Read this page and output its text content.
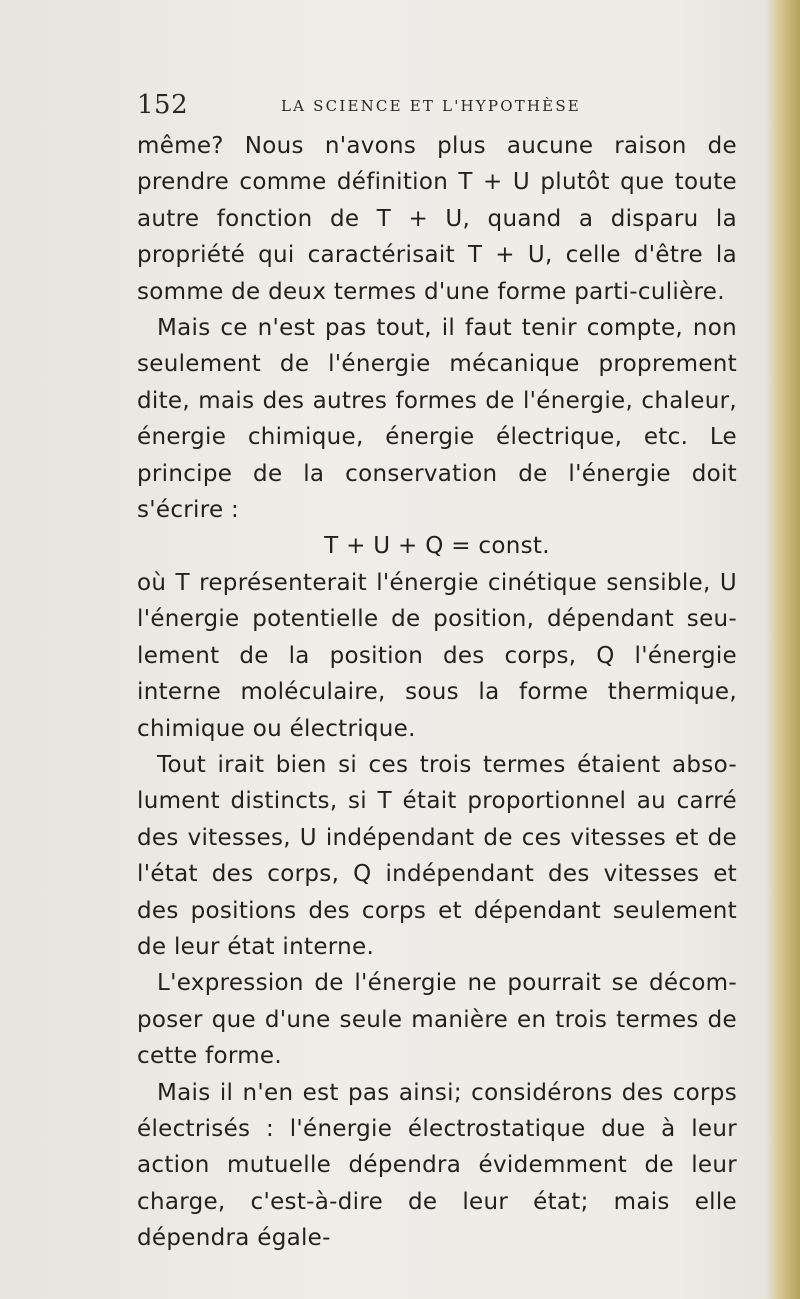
152	LA SCIENCE ET L'HYPOTHÈSE

même? Nous n'avons plus aucune raison de prendre comme définition T + U plutôt que toute autre fonction de T + U, quand a disparu la propriété qui caractérisait T + U, celle d'être la somme de deux termes d'une forme parti-culière.

Mais ce n'est pas tout, il faut tenir compte, non seulement de l'énergie mécanique proprement dite, mais des autres formes de l'énergie, chaleur, énergie chimique, énergie électrique, etc. Le principe de la conservation de l'énergie doit s'écrire :

T + U + Q = const.

où T représenterait l'énergie cinétique sensible, U l'énergie potentielle de position, dépendant seu-lement de la position des corps, Q l'énergie interne moléculaire, sous la forme thermique, chimique ou électrique.

Tout irait bien si ces trois termes étaient abso-lument distincts, si T était proportionnel au carré des vitesses, U indépendant de ces vitesses et de l'état des corps, Q indépendant des vitesses et des positions des corps et dépendant seulement de leur état interne.

L'expression de l'énergie ne pourrait se décom-poser que d'une seule manière en trois termes de cette forme.

Mais il n'en est pas ainsi; considérons des corps électrisés : l'énergie électrostatique due à leur action mutuelle dépendra évidemment de leur charge, c'est-à-dire de leur état; mais elle dépendra égale-
